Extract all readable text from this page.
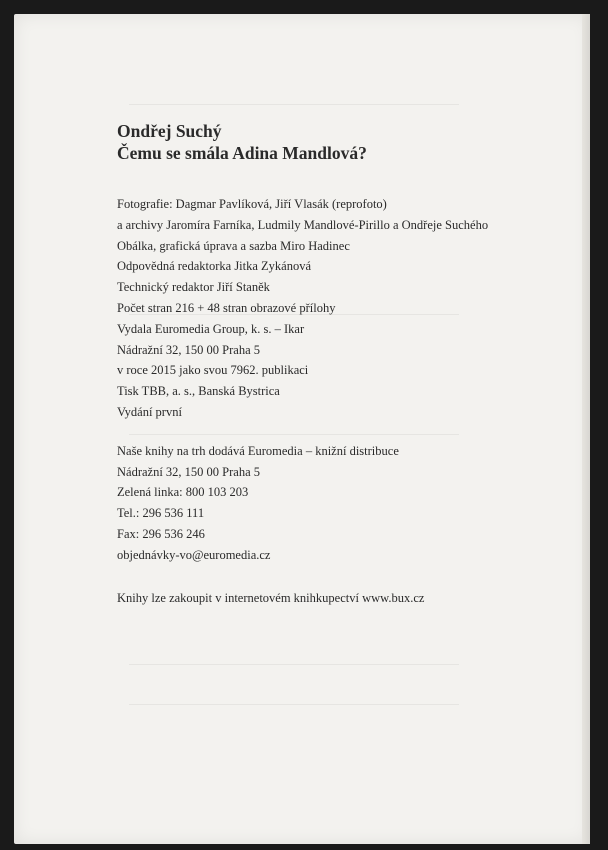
Ondřej Suchý

Čemu se smála Adina Mandlová?

Fotografie: Dagmar Pavlíková, Jiří Vlasák (reprofoto)
a archivy Jaromíra Farníka, Ludmily Mandlové-Pirillo a Ondřeje Suchého
Obálka, grafická úprava a sazba Miro Hadinec
Odpovědná redaktorka Jitka Zykánová
Technický redaktor Jiří Staněk
Počet stran 216 + 48 stran obrazové přílohy
Vydala Euromedia Group, k. s. – Ikar
Nádražní 32, 150 00 Praha 5
v roce 2015 jako svou 7962. publikaci
Tisk TBB, a. s., Banská Bystrica
Vydání první
Naše knihy na trh dodává Euromedia – knižní distribuce
Nádražní 32, 150 00 Praha 5
Zelená linka: 800 103 203
Tel.: 296 536 111
Fax: 296 536 246
objednávky-vo@euromedia.cz
Knihy lze zakoupit v internetovém knihkupectví www.bux.cz
